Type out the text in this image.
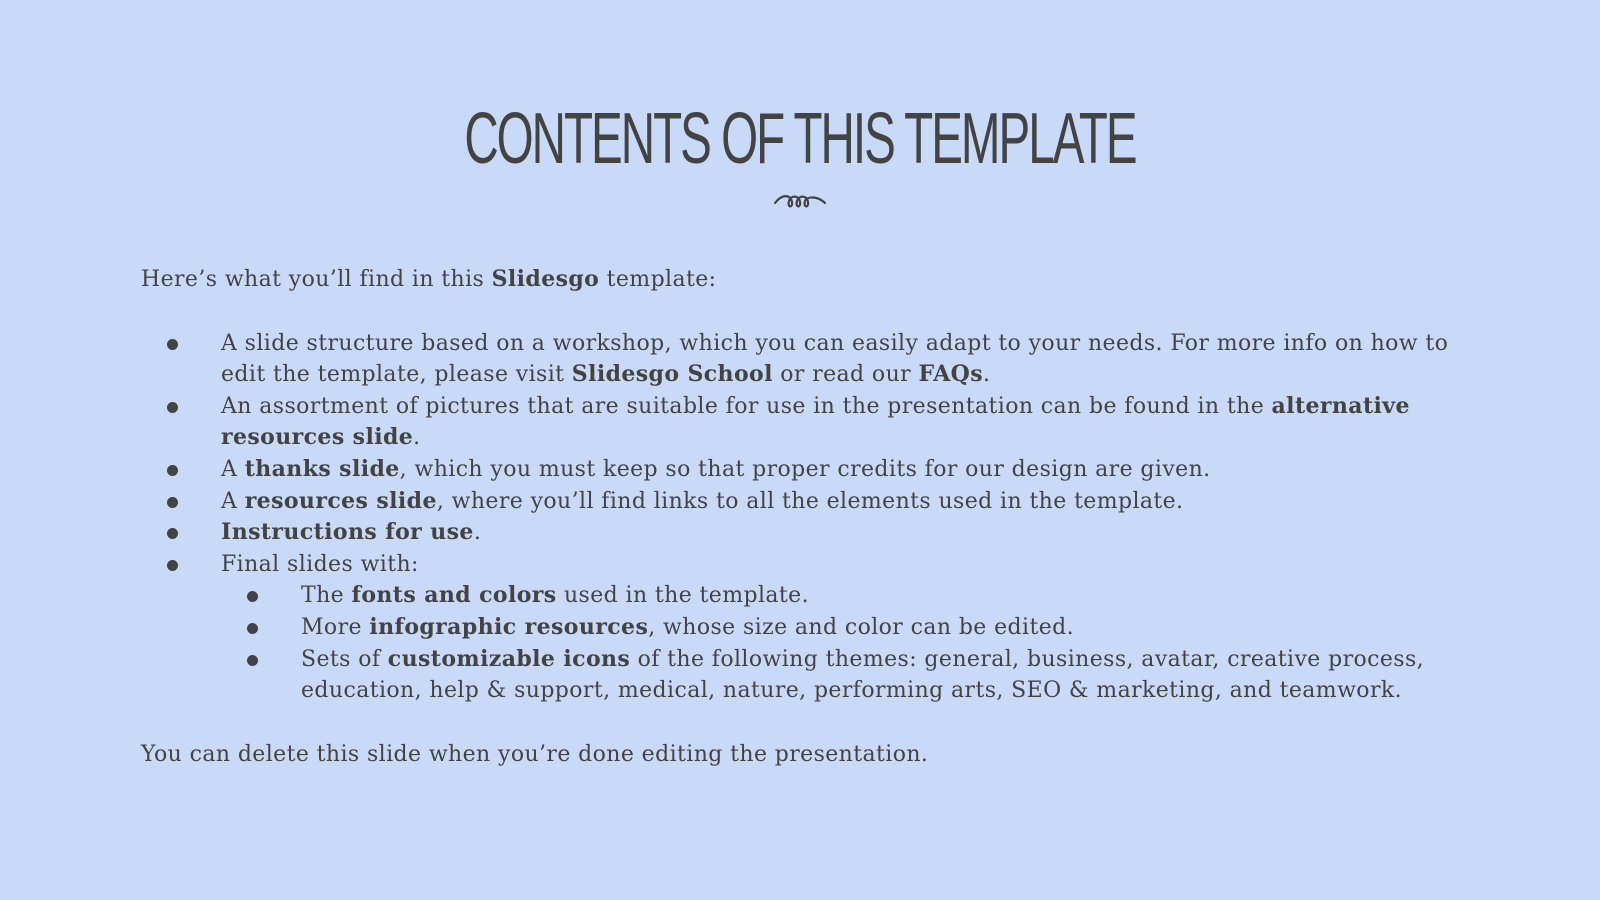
CONTENTS OF THIS TEMPLATE

Here’s what you’ll find in this Slidesgo template:

A slide structure based on a workshop, which you can easily adapt to your needs. For more info on how to edit the template, please visit Slidesgo School or read our FAQs.
An assortment of pictures that are suitable for use in the presentation can be found in the alternative resources slide.
A thanks slide, which you must keep so that proper credits for our design are given.
A resources slide, where you’ll find links to all the elements used in the template.
Instructions for use.
Final slides with:
The fonts and colors used in the template.
More infographic resources, whose size and color can be edited.
Sets of customizable icons of the following themes: general, business, avatar, creative process, education, help & support, medical, nature, performing arts, SEO & marketing, and teamwork.

You can delete this slide when you’re done editing the presentation.
